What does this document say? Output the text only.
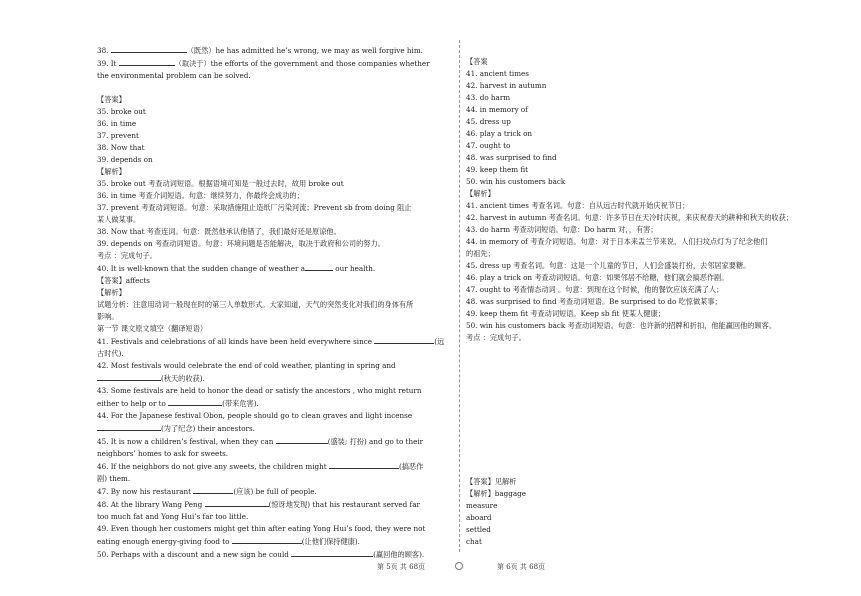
38.	（既然）he has admitted he’s wrong, we may as well forgive him.
39. It	（取决于）the efforts of the government and those companies whether
the environmental problem can be solved.
【答案】
35. broke out
36. in time
37. prevent
38. Now that
39. depends on
【解析】
35. broke out 考查动词短语。根据语境可知是一般过去时，故用 broke out
36. in time 考查介词短语。句意：继续努力，你最终会成功的；
37. prevent 考查动词短语。句意：采取措施阻止造纸厂污染河流；Prevent sb from doing 阻止
某人做某事。
38. Now that 考查连词。句意：既然他承认他错了，我们最好还是原谅他。
39. depends on 考查动词短语。句意：环境问题是否能解决，取决于政府和公司的努力。
考点 ：完成句子。
40. It is well-known that the sudden change of weather a	our health.
【答案】affects
【解析】
试题分析：注意用动词一般现在时的第三人单数形式。大家知道，天气的突然变化对我们的身体有所
影响。
第一节 课文原文填空（翻译短语）
41. Festivals and celebrations of all kinds have been held everywhere since	(远
古时代).
42. Most festivals would celebrate the end of cold weather, planting in spring and
(秋天的收获).
43. Some festivals are held to honor the dead or satisfy the ancestors , who might return
either to help or to	(带来危害).
44. For the Japanese festival Obon, people should go to clean graves and light incense
(为了纪念) their ancestors.
45. It is now a children’s festival, when they can	(盛装; 打扮) and go to their
neighbors’ homes to ask for sweets.
46. If the neighbors do not give any sweets, the children might	(搞恶作
剧) them.
47. By now his restaurant	(应该) be full of people.
48. At the library Wang Peng	(惊讶地发现) that his restaurant served far
too much fat and Yong Hui’s far too little.
49. Even though her customers might get thin after eating Yong Hui’s food, they were not
eating enough energy-giving food to	(让他们保持健康).
50. Perhaps with a discount and a new sign he could	(赢回他的顾客).
【答案
41. ancient times
42. harvest in autumn
43. do harm
44. in memory of
45. dress up
46. play a trick on
47. ought to
48. was surprised to find
49. keep them fit
50. win his customers back
【解析】
41. ancient times 考查名词。句意：自从远古时代就开始庆祝节日；
42. harvest in autumn 考查名词。句意：许多节日在天冷时庆祝，来庆祝春天的耕种和秋天的收获；
43. do harm 考查动词短语。句意：Do harm 对，，有害；
44. in memory of 考查介词短语。句意：对于日本来盂兰节来说，人们扫坟点灯为了纪念他们
的祖先；
45. dress up 考查名词。句意：这是一个儿童的节日，人们会盛装打扮，去邻居家要糖。
46. play a trick on 考查动词短语。句意：如果邻居不给糖，他们就会搞恶作剧。
47. ought to 考查情态动词 。句意：到现在这个时候，他的餐饮应该充满了人；
48. was surprised to find 考查动词短语。Be surprised to do 吃惊做某事；
49. keep them fit 考查动词短语。Keep sb fit 使某人健康；
50. win his customers back 考查动词短语。句意：也许新的招牌和折扣，他能赢回他的顾客。
考点 ：完成句子。
【答案】见解析
【解析】baggage
measure
aboard
settled
chat
第 5页 共 68页	第 6页 共 68页
